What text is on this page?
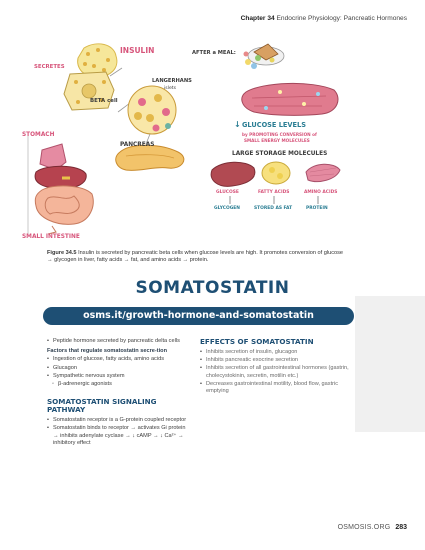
Chapter 34 Endocrine Physiology: Pancreatic Hormones
INSULIN
SECRETES
BETA cell
LANGERHANS
islets
AFTER a MEAL:
STOMACH
PANCREAS
SMALL INTESTINE
↓ GLUCOSE LEVELS
by PROMOTING CONVERSION of
SMALL ENERGY MOLECULES
LARGE STORAGE MOLECULES
GLUCOSE	FATTY ACIDS	AMINO ACIDS
GLYCOGEN	STORED AS FAT	PROTEIN

Figure 34.5 Insulin is secreted by pancreatic beta cells when glucose levels are high. It promotes conversion of glucose → glycogen in liver, fatty acids → fat, and amino acids → protein.

SOMATOSTATIN
osms.it/growth-hormone-and-somatostatin
• Peptide hormone secreted by pancreatic delta cells
Factors that regulate somatostatin secre-tion
• Ingestion of glucose, fatty acids, amino acids
• Glucagon
• Sympathetic nervous system
◦ β-adrenergic agonists
SOMATOSTATIN SIGNALING PATHWAY
• Somatostatin receptor is a G-protein coupled receptor
• Somatostatin binds to receptor → activates Gi protein → inhibits adenylate cyclase → ↓ cAMP → ↓ Ca²⁺ → inhibitory effect
EFFECTS OF SOMATOSTATIN
• Inhibits secretion of insulin, glucagon
• Inhibits pancreatic exocrine secretion
• Inhibits secretion of all gastrointestinal hormones (gastrin, cholecystokinin, secretin, motilin etc.)
• Decreases gastrointestinal motility, blood flow, gastric emptying
OSMOSIS.ORG 283
